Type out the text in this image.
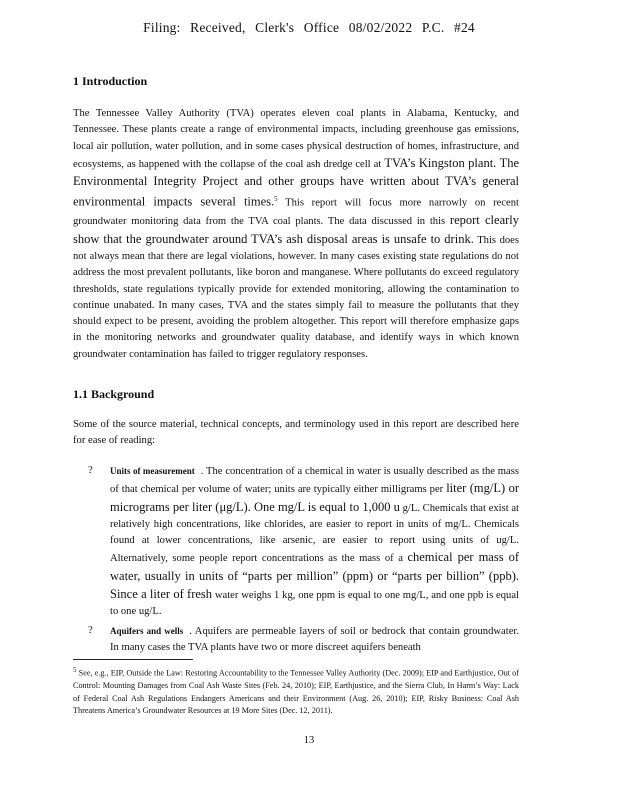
Filing: Received, Clerk's Office 08/02/2022 P.C. #24
1 Introduction
The Tennessee Valley Authority (TVA) operates eleven coal plants in Alabama, Kentucky, and Tennessee. These plants create a range of environmental impacts, including greenhouse gas emissions, local air pollution, water pollution, and in some cases physical destruction of homes, infrastructure, and ecosystems, as happened with the collapse of the coal ash dredge cell at TVA’s Kingston plant. The Environmental Integrity Project and other groups have written about TVA’s general environmental impacts several times.$^5$ This report will focus more narrowly on recent groundwater monitoring data from the TVA coal plants. The data discussed in this report clearly show that the groundwater around TVA’s ash disposal areas is unsafe to drink. This does not always mean that there are legal violations, however. In many cases existing state regulations do not address the most prevalent pollutants, like boron and manganese. Where pollutants do exceed regulatory thresholds, state regulations typically provide for extended monitoring, allowing the contamination to continue unabated. In many cases, TVA and the states simply fail to measure the pollutants that they should expect to be present, avoiding the problem altogether. This report will therefore emphasize gaps in the monitoring networks and groundwater quality database, and identify ways in which known groundwater contamination has failed to trigger regulatory responses.
1.1 Background
Some of the source material, technical concepts, and terminology used in this report are described here for ease of reading:
?	Units of measurement . The concentration of a chemical in water is usually described as the mass of that chemical per volume of water; units are typically either milligrams per liter (mg/L) or micrograms per liter (μg/L). One mg/L is equal to 1,000 u g/L. Chemicals that exist at relatively high concentrations, like chlorides, are easier to report in units of mg/L. Chemicals found at lower concentrations, like arsenic, are easier to report using units of ug/L. Alternatively, some people report concentrations as the mass of a chemical per mass of water, usually in units of “parts per million” (ppm) or “parts per billion” (ppb). Since a liter of fresh water weighs 1 kg, one ppm is equal to one mg/L, and one ppb is equal to one ug/L.
?	Aquifers and wells . Aquifers are permeable layers of soil or bedrock that contain groundwater. In many cases the TVA plants have two or more discreet aquifers beneath
$^5$ See, e.g., EIP, Outside the Law: Restoring Accountability to the Tennessee Valley Authority (Dec. 2009); EIP and Earthjustice, Out of Control: Mounting Damages from Coal Ash Waste Sites (Feb. 24, 2010); EIP, Earthjustice, and the Sierra Club, In Harm’s Way: Lack of Federal Coal Ash Regulations Endangers Americans and their Environment (Aug. 26, 2010); EIP, Risky Business: Coal Ash Threatens America’s Groundwater Resources at 19 More Sites (Dec. 12, 2011).
13
